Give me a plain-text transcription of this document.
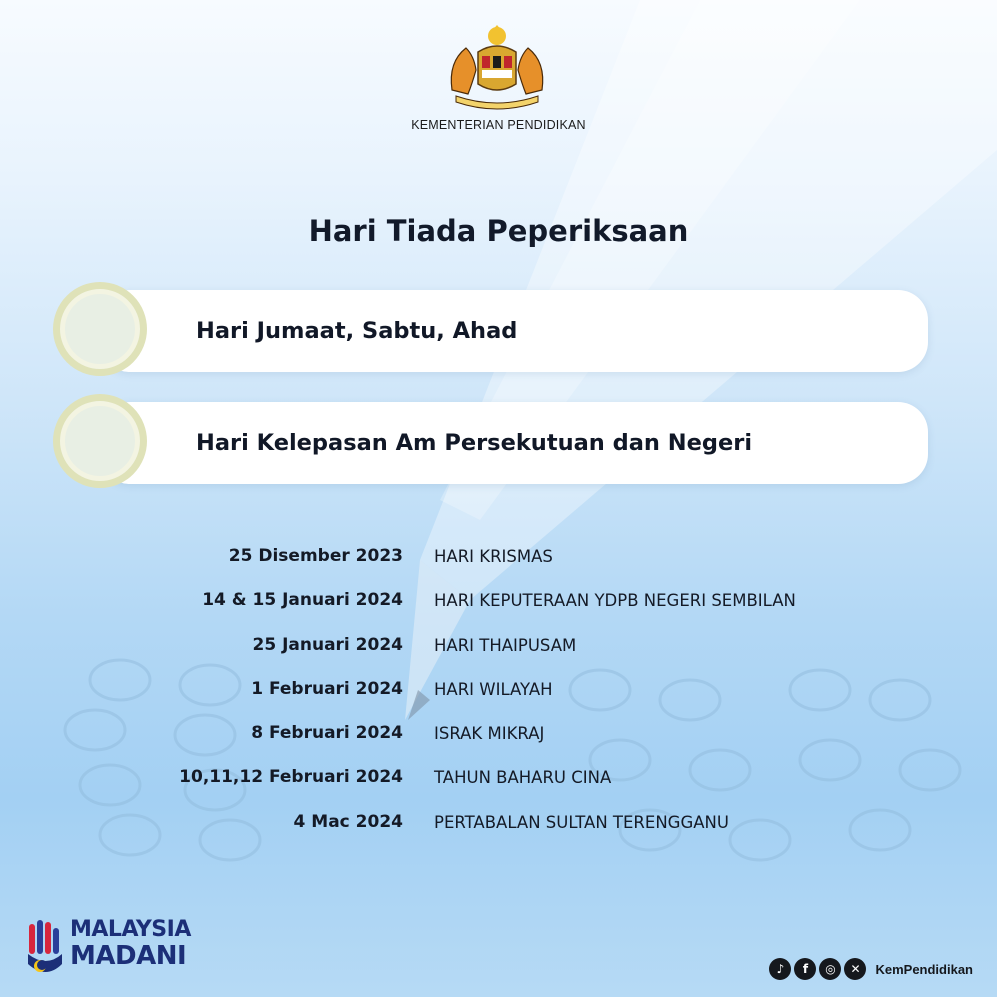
KEMENTERIAN PENDIDIKAN
Hari Tiada Peperiksaan
Hari Jumaat, Sabtu, Ahad
Hari Kelepasan Am Persekutuan dan Negeri
25 Disember 2023 HARI KRISMAS
14 & 15 Januari 2024 HARI KEPUTERAAN YDPB NEGERI SEMBILAN
25 Januari 2024 HARI THAIPUSAM
1 Februari 2024 HARI WILAYAH
8 Februari 2024 ISRAK MIKRAJ
10,11,12 Februari 2024 TAHUN BAHARU CINA
4 Mac 2024 PERTABALAN SULTAN TERENGGANU
MALAYSIA
MADANI	♪	f	◎	✕	KemPendidikan
